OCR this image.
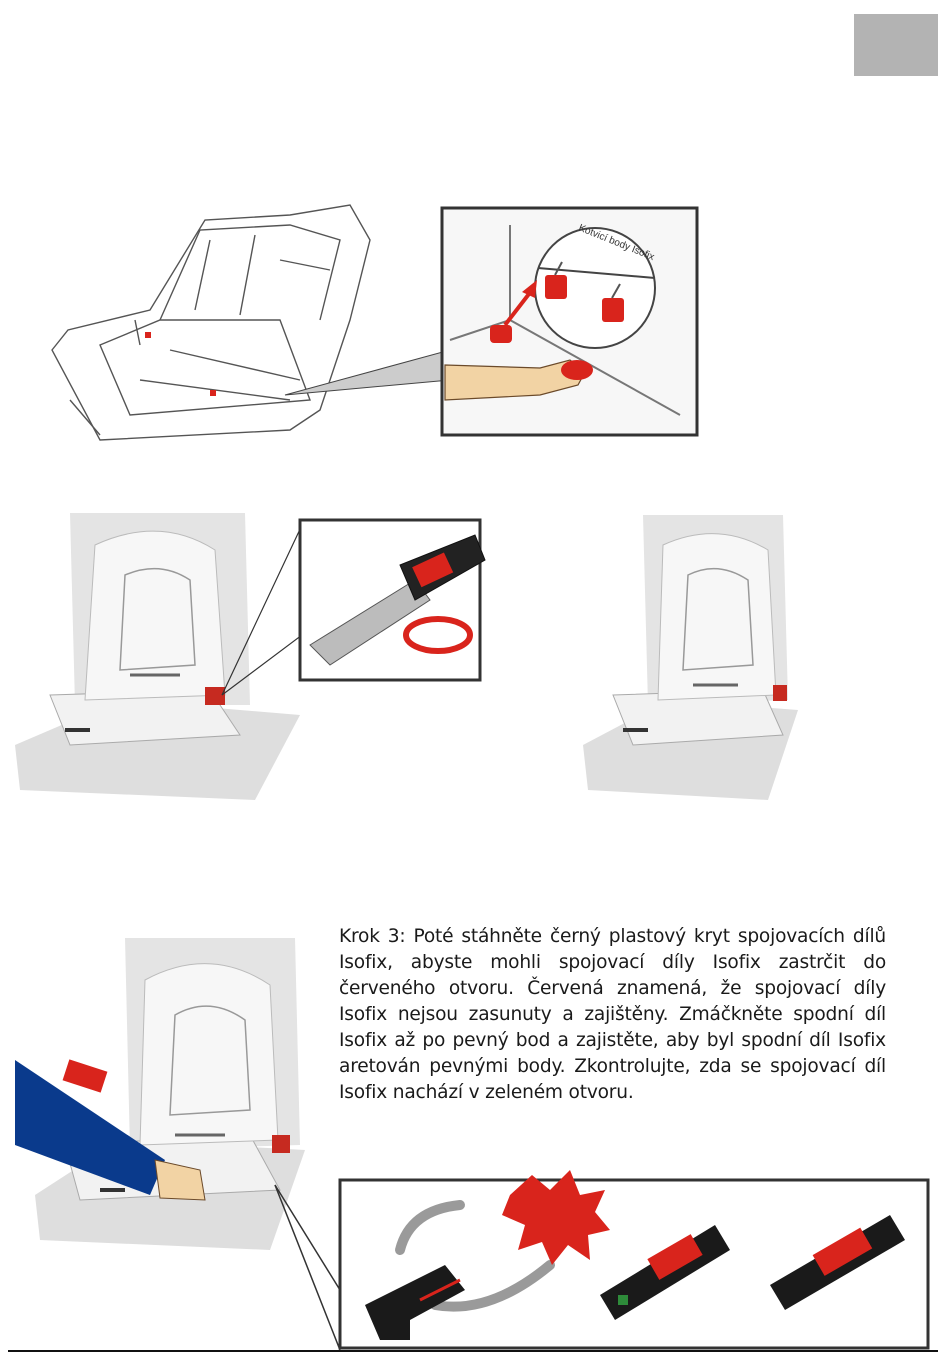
Kotvicí body Isofix

Krok 3: Poté stáhněte černý plastový kryt spojovacích dílů Isofix, abyste mohli spojovací díly Isofix zastrčit do červeného otvoru. Červená znamená, že spojovací díly Isofix nejsou zasunuty a zajištěny. Zmáčkněte spodní díl Isofix až po pevný bod a zajistěte, aby byl spodní díl Isofix aretován pevnými body. Zkontrolujte, zda se spojovací díl Isofix nachází v zeleném otvoru.
